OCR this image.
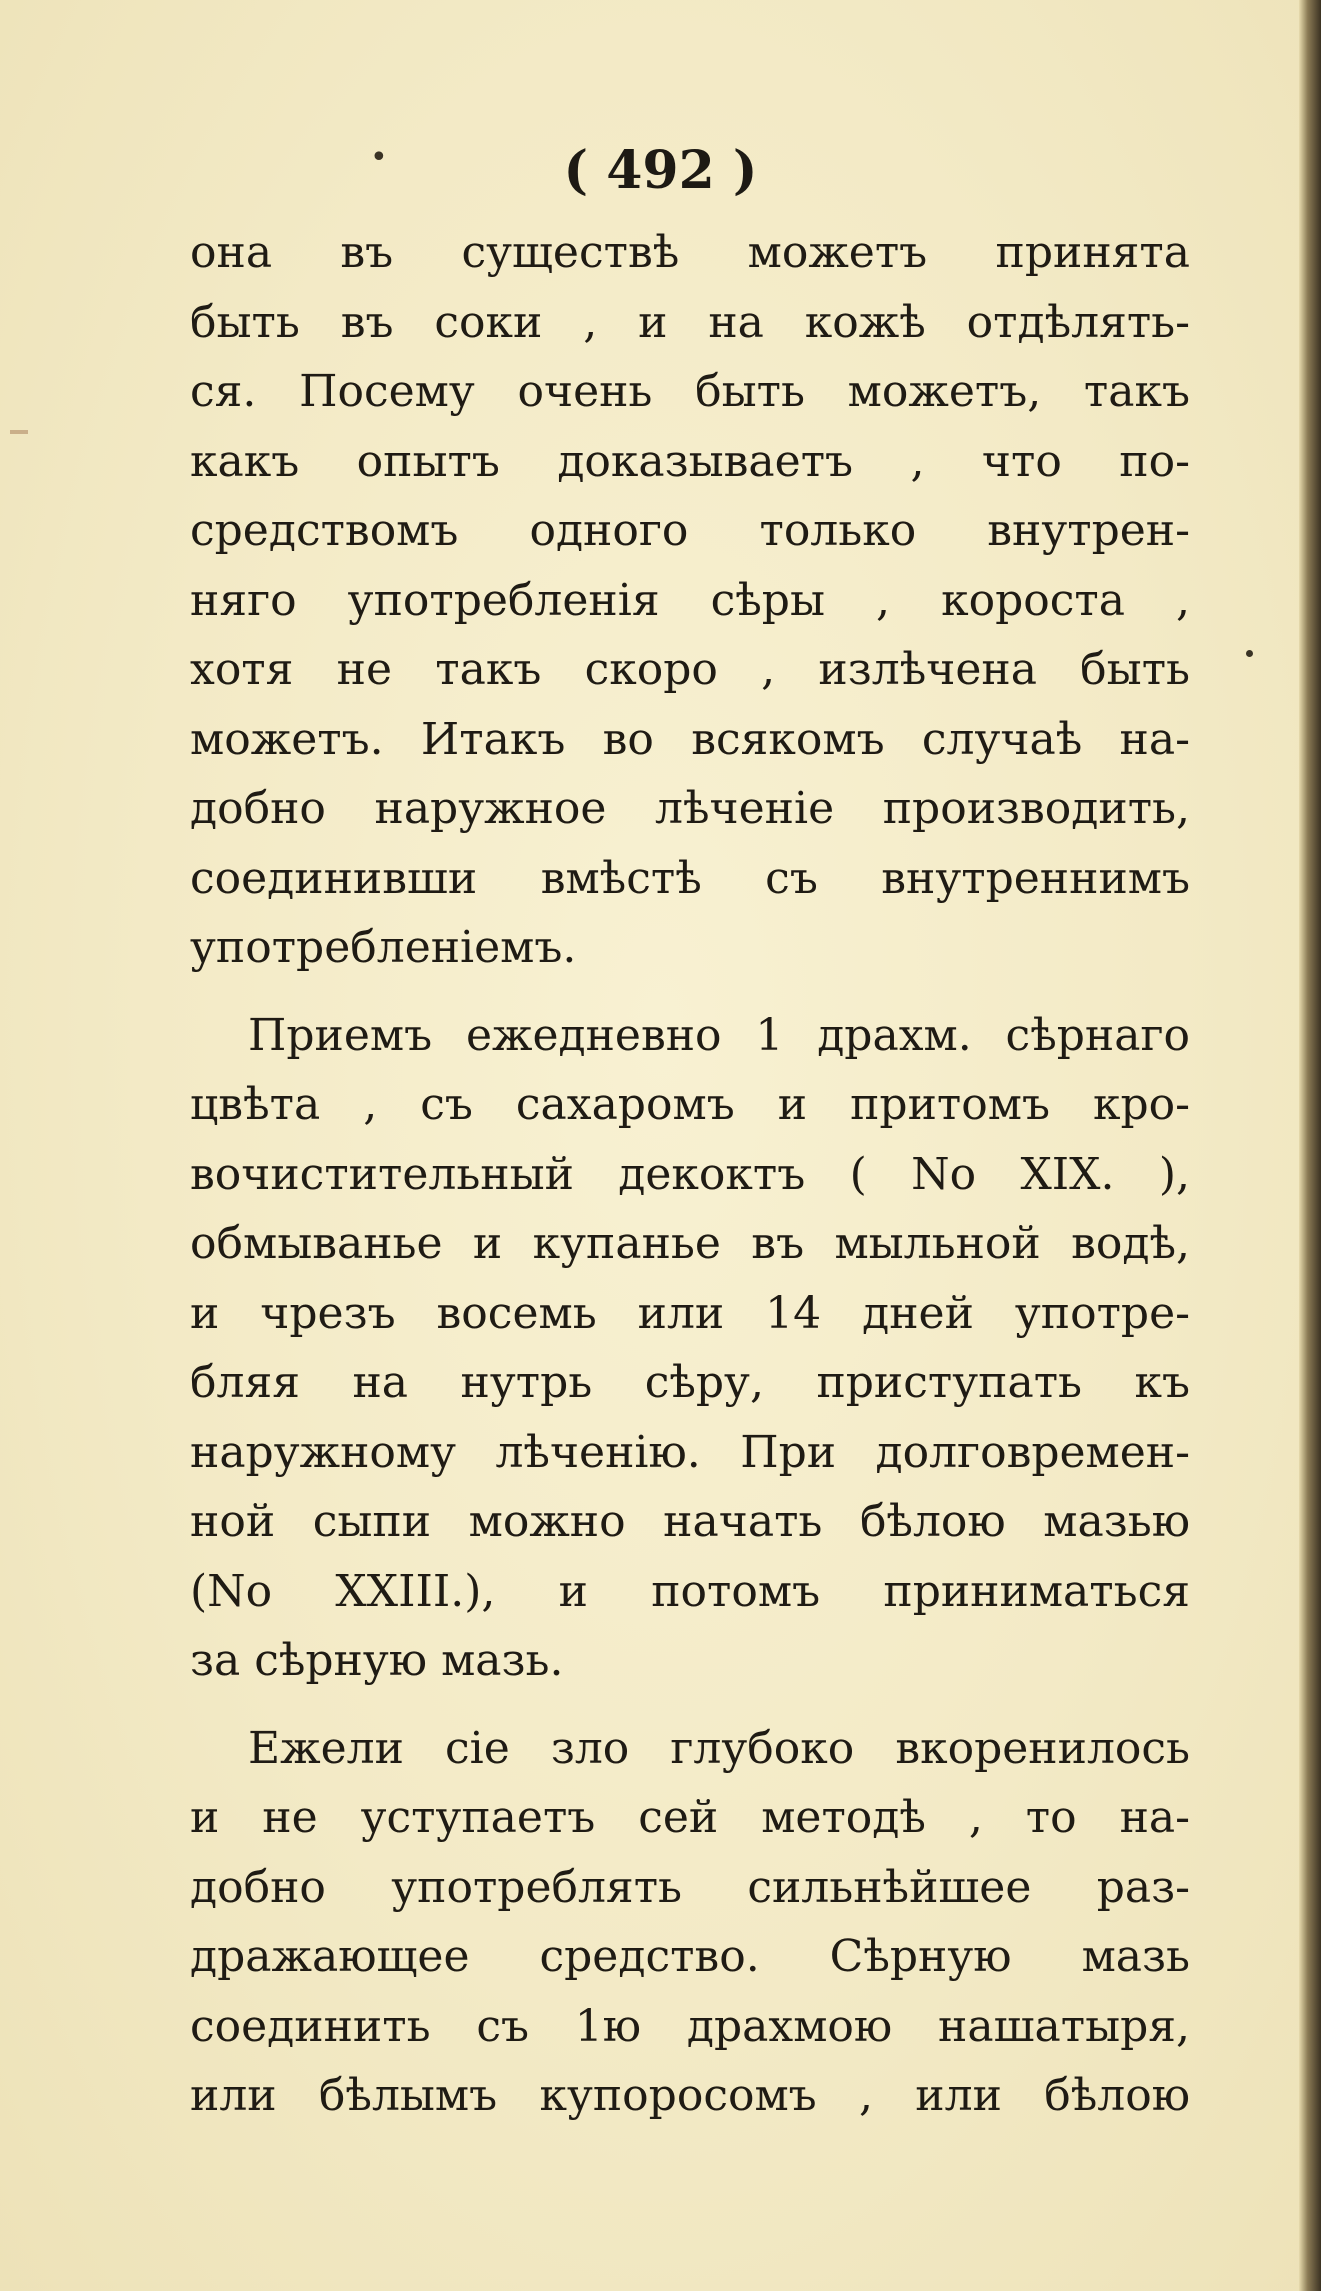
•	( 492 )
она въ существѣ можетъ принята
быть въ соки , и на кожѣ отдѣлять-
ся. Посему очень быть можетъ, такъ
какъ опытъ доказываетъ , что по-
средствомъ одного только внутрен-
няго употребленія сѣры , короста ,
хотя не такъ скоро , излѣчена быть
можетъ. Итакъ во всякомъ случаѣ на-
добно наружное лѣченіе производить,
соединивши вмѣстѣ съ внутреннимъ
употребленіемъ.
Приемъ ежедневно 1 драхм. сѣрнаго
цвѣта , съ сахаромъ и притомъ кро-
вочистительный декоктъ ( No XIX. ),
обмыванье и купанье въ мыльной водѣ,
и чрезъ восемь или 14 дней употре-
бляя на нутрь сѣру, приступать къ
наружному лѣченію. При долговремен-
ной сыпи можно начать бѣлою мазью
(No XXIII.), и потомъ приниматься
за сѣрную мазь.
Ежели сіе зло глубоко вкоренилось
и не уступаетъ сей методѣ , то на-
добно употреблять сильнѣйшее раз-
дражающее средство. Сѣрную мазь
соединить съ 1ю драхмою нашатыря,
или бѣлымъ купоросомъ , или бѣлою
